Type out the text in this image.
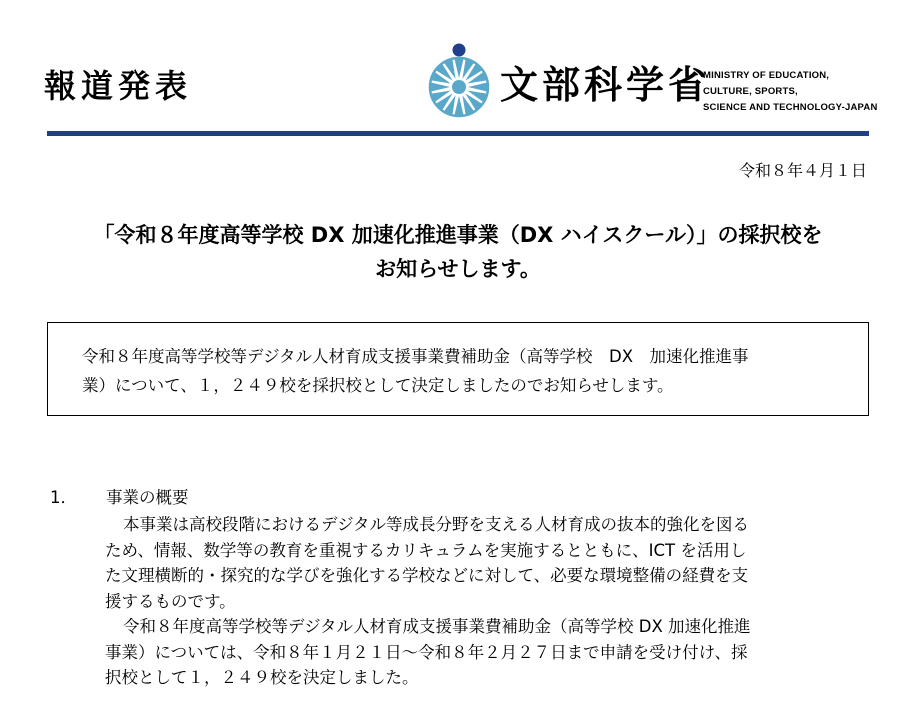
報道発表	文部科学省
MINISTRY OF EDUCATION,
CULTURE, SPORTS,
SCIENCE AND TECHNOLOGY-JAPAN
令和８年４月１日
「令和８年度高等学校 DX 加速化推進事業（DX ハイスクール）」の採択校を
お知らせします。
令和８年度高等学校等デジタル人材育成支援事業費補助金（高等学校　DX　加速化推進事
業）について、１，２４９校を採択校として決定しましたのでお知らせします。
1． 事業の概要
本事業は高校段階におけるデジタル等成長分野を支える人材育成の抜本的強化を図る
ため、情報、数学等の教育を重視するカリキュラムを実施するとともに、ICT を活用し
た文理横断的・探究的な学びを強化する学校などに対して、必要な環境整備の経費を支
援するものです。
令和８年度高等学校等デジタル人材育成支援事業費補助金（高等学校 DX 加速化推進
事業）については、令和８年１月２１日～令和８年２月２７日まで申請を受け付け、採
択校として１，２４９校を決定しました。
